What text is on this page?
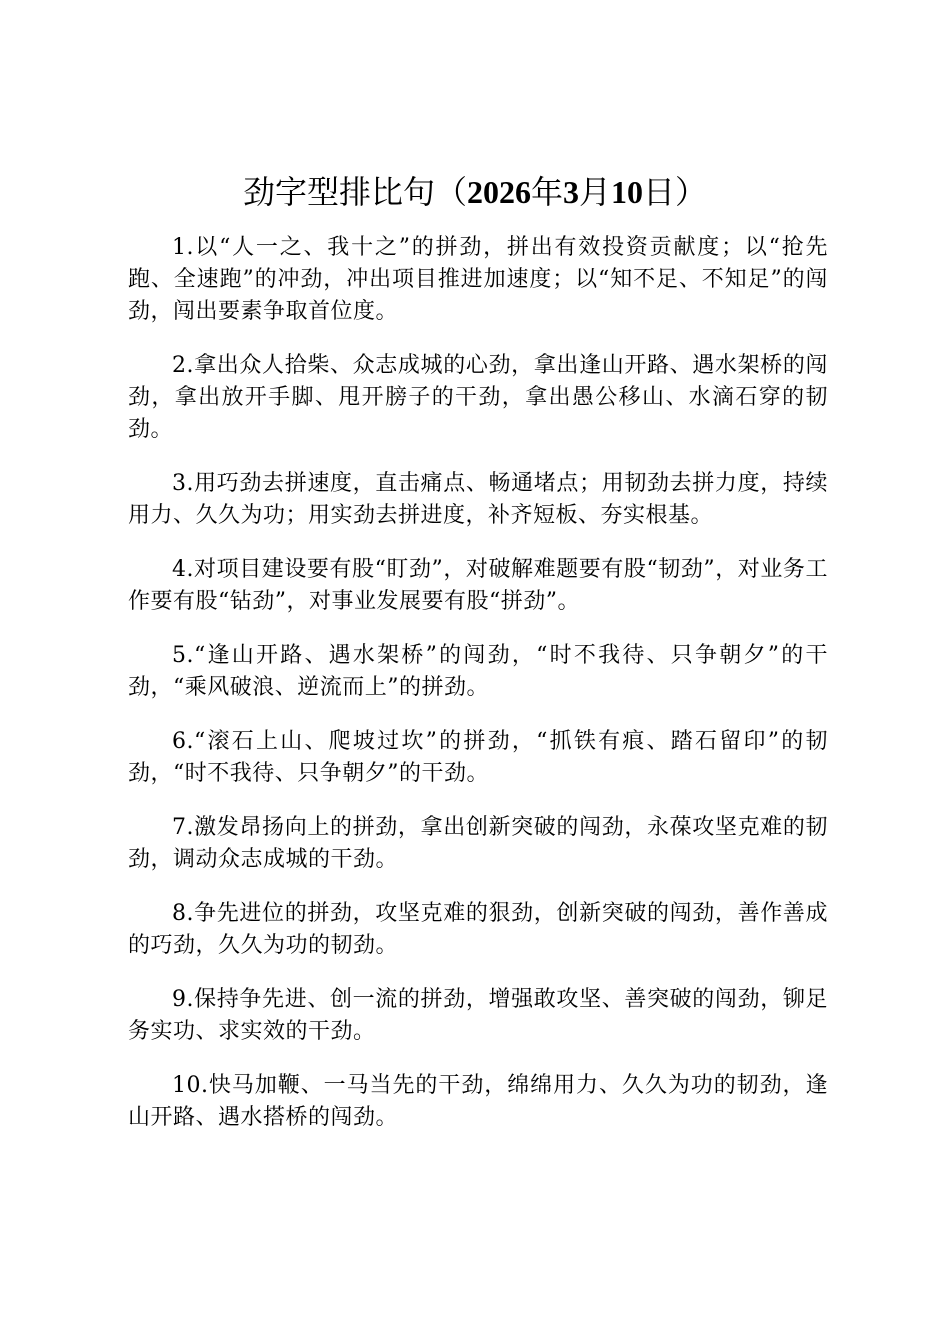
劲字型排比句（2026年3月10日）

1.以“人一之、我十之”的拼劲，拼出有效投资贡献度；以“抢先跑、全速跑”的冲劲，冲出项目推进加速度；以“知不足、不知足”的闯劲，闯出要素争取首位度。

2.拿出众人拾柴、众志成城的心劲，拿出逢山开路、遇水架桥的闯劲，拿出放开手脚、甩开膀子的干劲，拿出愚公移山、水滴石穿的韧劲。

3.用巧劲去拼速度，直击痛点、畅通堵点；用韧劲去拼力度，持续用力、久久为功；用实劲去拼进度，补齐短板、夯实根基。

4.对项目建设要有股“盯劲”，对破解难题要有股“韧劲”，对业务工作要有股“钻劲”，对事业发展要有股“拼劲”。

5.“逢山开路、遇水架桥”的闯劲，“时不我待、只争朝夕”的干劲，“乘风破浪、逆流而上”的拼劲。

6.“滚石上山、爬坡过坎”的拼劲，“抓铁有痕、踏石留印”的韧劲，“时不我待、只争朝夕”的干劲。

7.激发昂扬向上的拼劲，拿出创新突破的闯劲，永葆攻坚克难的韧劲，调动众志成城的干劲。

8.争先进位的拼劲，攻坚克难的狠劲，创新突破的闯劲，善作善成的巧劲，久久为功的韧劲。

9.保持争先进、创一流的拼劲，增强敢攻坚、善突破的闯劲，铆足务实功、求实效的干劲。

10.快马加鞭、一马当先的干劲，绵绵用力、久久为功的韧劲，逢山开路、遇水搭桥的闯劲。
